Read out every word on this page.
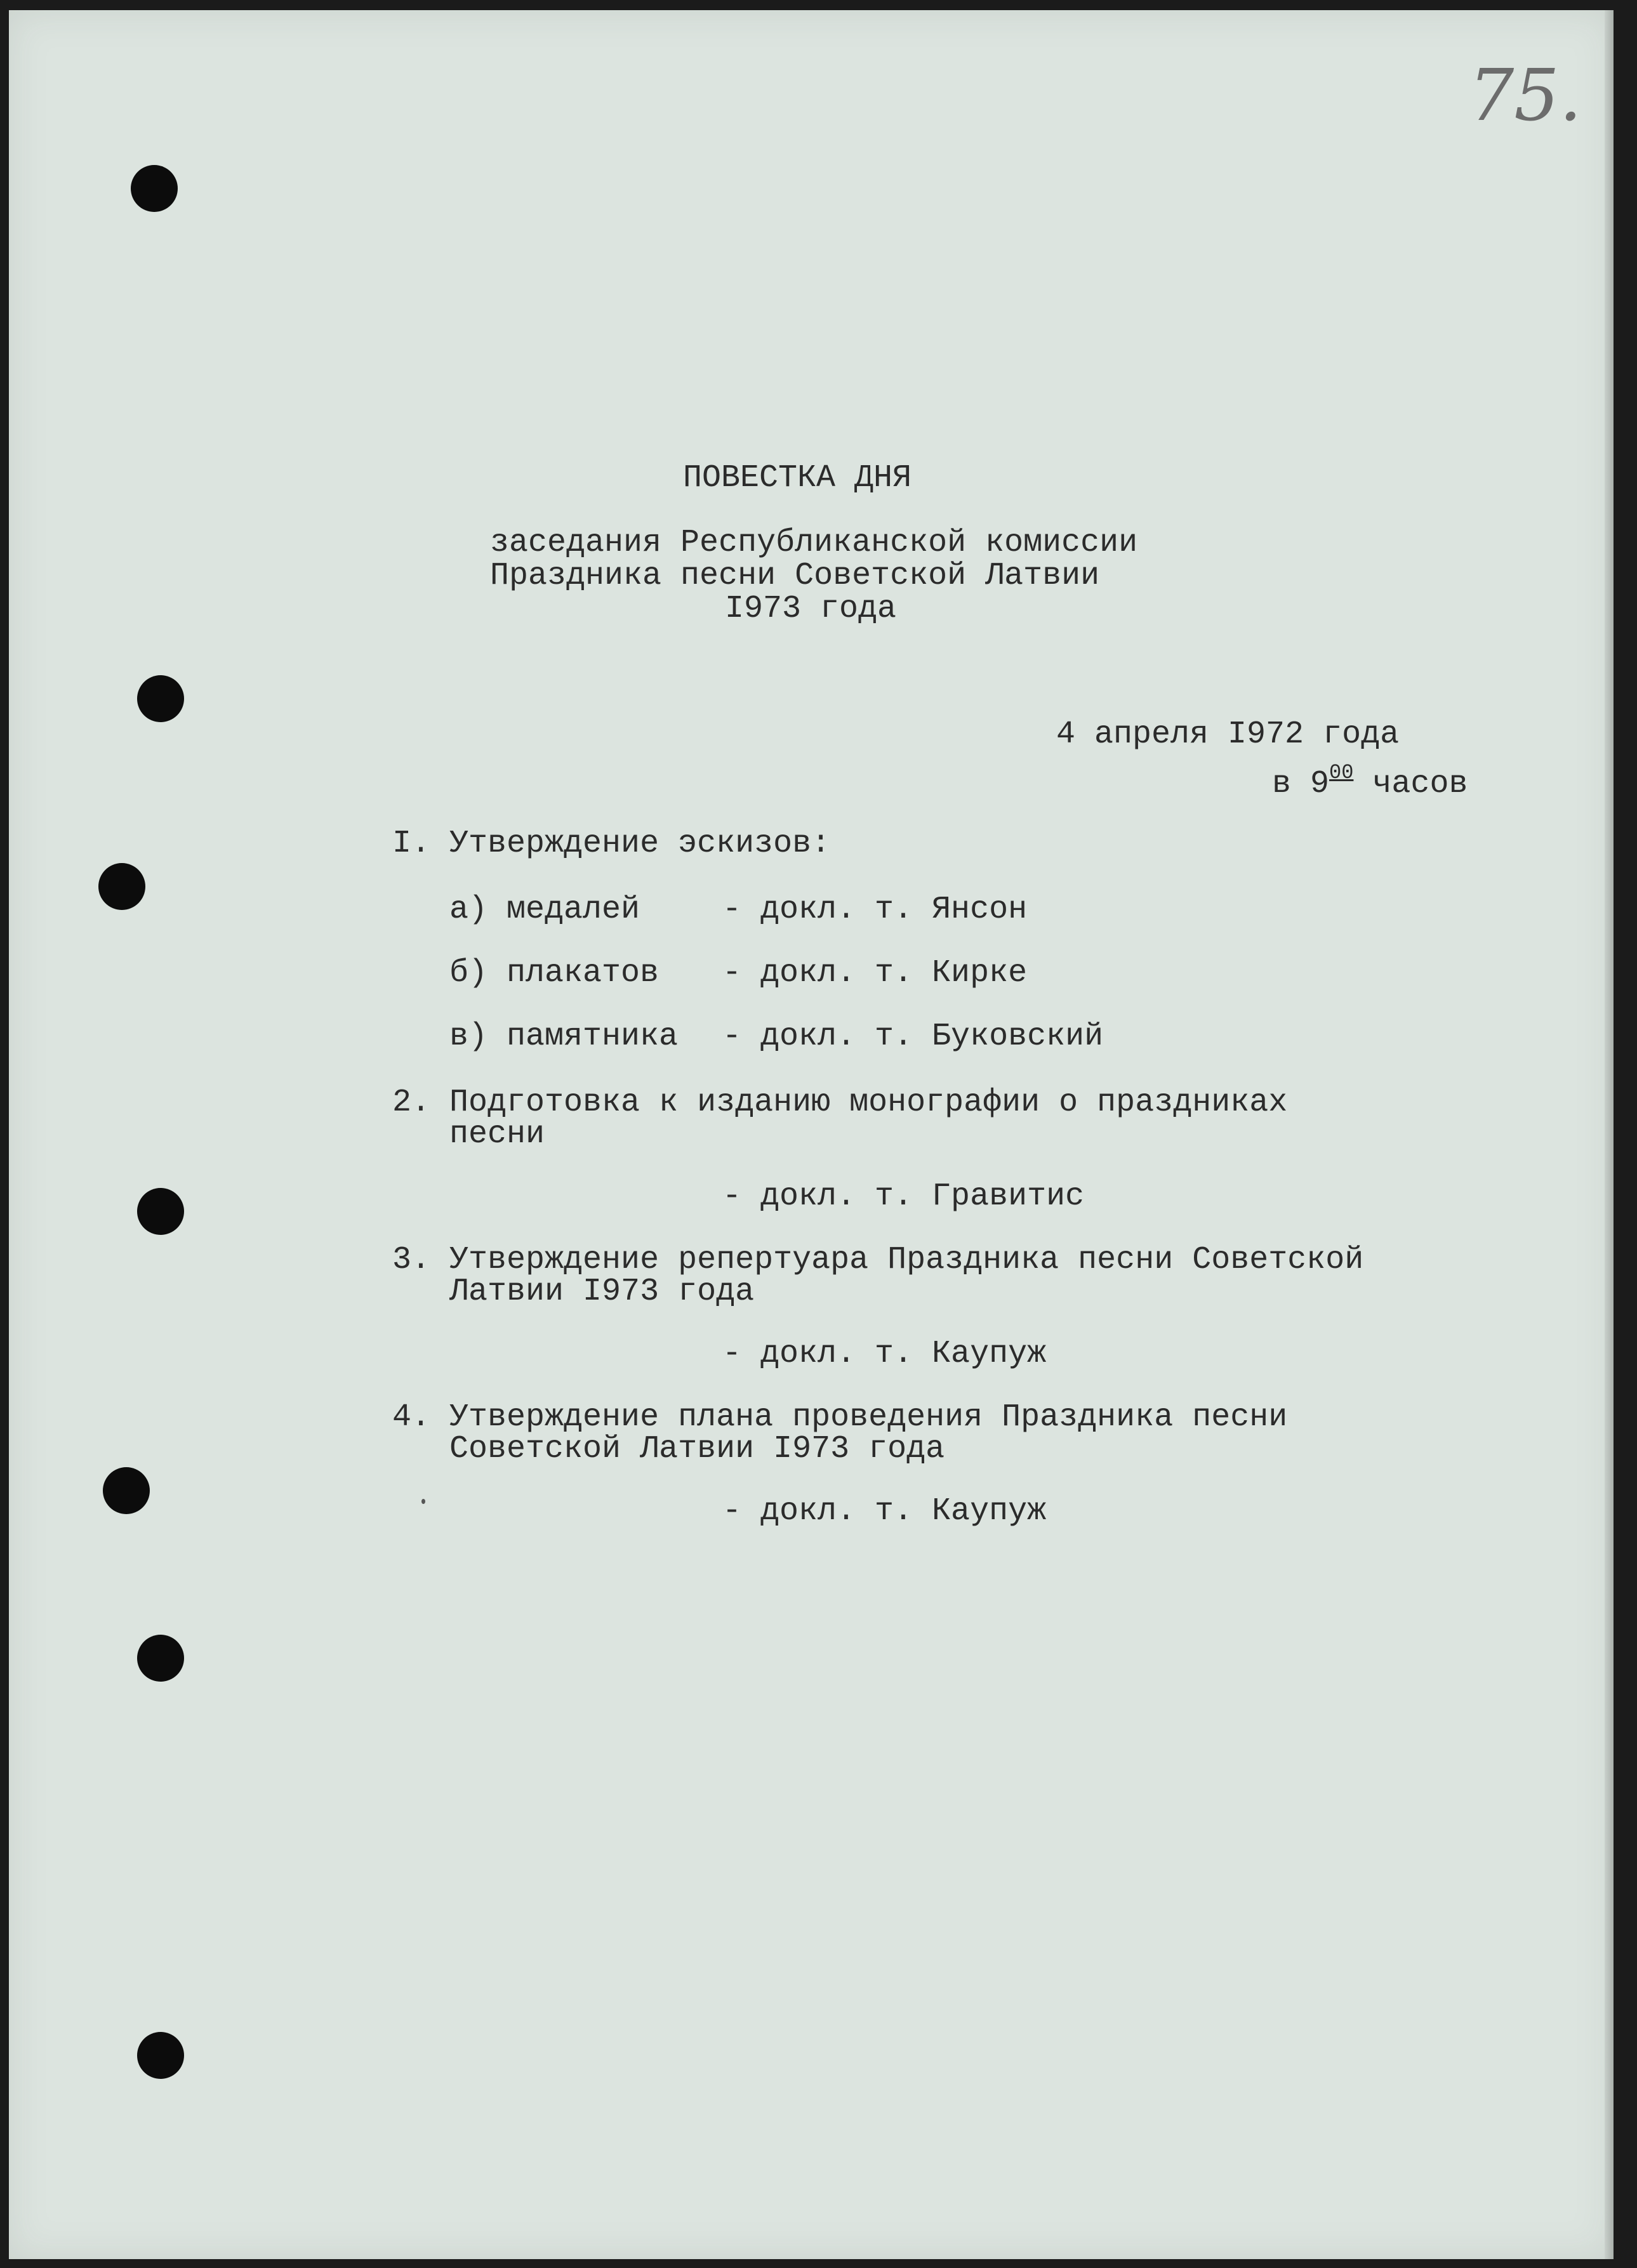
75.

ПОВЕСТКА ДНЯ

заседания Республиканской комиссии

Праздника песни Советской Латвии

I973 года

4 апреля I972 года

в $9^{00}$ часов

I. Утверждение эскизов:

а) медалей	- докл. т. Янсон

б) плакатов - докл. т. Кирке

в) памятника - докл. т. Буковский

2. Подготовка к изданию монографии о праздниках

песни

- докл. т. Гравитис

3. Утверждение репертуара Праздника песни Советской

Латвии I973 года

- докл. т. Каупуж

4. Утверждение плана проведения Праздника песни

Советской Латвии I973 года

- докл. т. Каупуж
